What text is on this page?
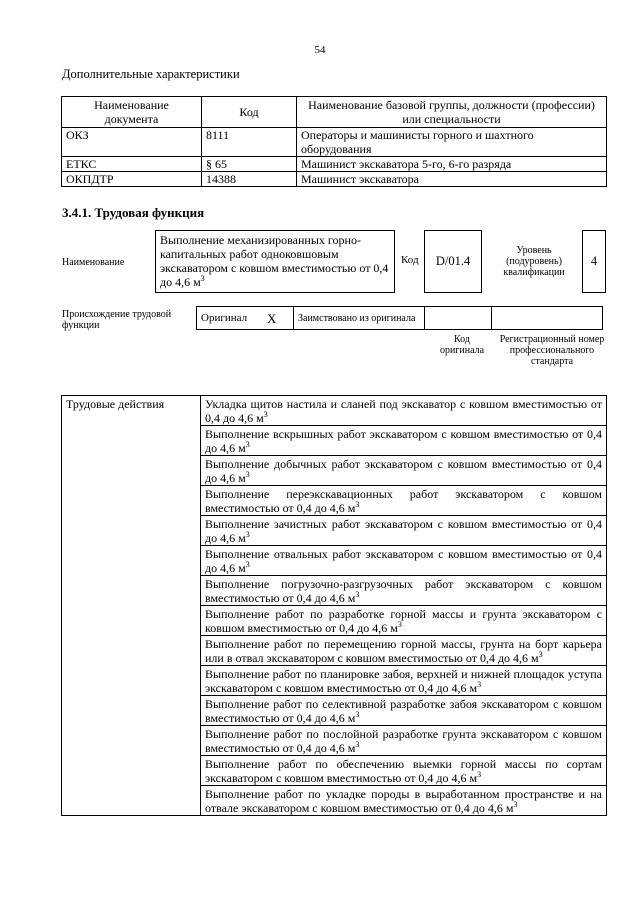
54
Дополнительные характеристики
Наименование документа	Код	Наименование базовой группы, должности (профессии) или специальности
ОКЗ	8111	Операторы и машинисты горного и шахтного оборудования
ЕТКС	§ 65	Машинист экскаватора 5-го, 6-го разряда
ОКПДТР	14388	Машинист экскаватора
3.4.1. Трудовая функция
Наименование
Выполнение механизированных горно-капитальных работ одноковшовым экскаватором с ковшом вместимостью от 0,4 до 4,6 $м^3$
Код	D/01.4
Уровень (подуровень) квалификации
4
Происхождение трудовой функции
Оригинал X	Заимствовано из оригинала		
Код оригинала
Регистрационный номер профессионального стандарта
Трудовые действия	Укладка щитов настила и сланей под экскаватор с ковшом вместимостью от 0,4 до 4,6 $м^3$
Выполнение вскрышных работ экскаватором с ковшом вместимостью от 0,4 до 4,6 $м^3$
Выполнение добычных работ экскаватором с ковшом вместимостью от 0,4 до 4,6 $м^3$
Выполнение переэкскавационных работ экскаватором с ковшом вместимостью от 0,4 до 4,6 $м^3$
Выполнение зачистных работ экскаватором с ковшом вместимостью от 0,4 до 4,6 $м^3$
Выполнение отвальных работ экскаватором с ковшом вместимостью от 0,4 до 4,6 $м^3$
Выполнение погрузочно-разгрузочных работ экскаватором с ковшом вместимостью от 0,4 до 4,6 $м^3$
Выполнение работ по разработке горной массы и грунта экскаватором с ковшом вместимостью от 0,4 до 4,6 $м^3$
Выполнение работ по перемещению горной массы, грунта на борт карьера или в отвал экскаватором с ковшом вместимостью от 0,4 до 4,6 $м^3$
Выполнение работ по планировке забоя, верхней и нижней площадок уступа экскаватором с ковшом вместимостью от 0,4 до 4,6 $м^3$
Выполнение работ по селективной разработке забоя экскаватором с ковшом вместимостью от 0,4 до 4,6 $м^3$
Выполнение работ по послойной разработке грунта экскаватором с ковшом вместимостью от 0,4 до 4,6 $м^3$
Выполнение работ по обеспечению выемки горной массы по сортам экскаватором с ковшом вместимостью от 0,4 до 4,6 $м^3$
Выполнение работ по укладке породы в выработанном пространстве и на отвале экскаватором с ковшом вместимостью от 0,4 до 4,6 $м^3$
